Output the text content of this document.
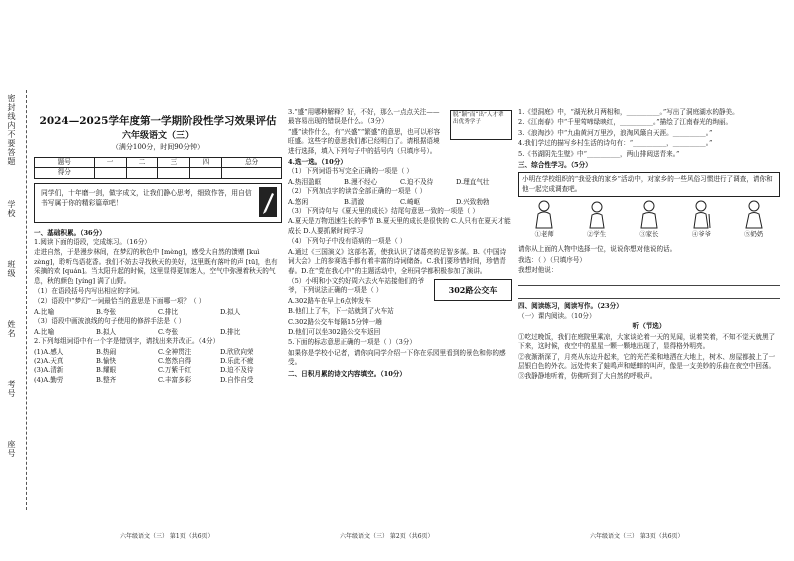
密封线内不要答题
学校
班级
姓名
考号
座号
2024—2025学年度第一学期阶段性学习效果评估
六年级语文（三）
（满分100分，时间90分钟）
题号	一	二	三	四	总分
得分					
同学们，十年磨一剑，做字成文，让我们静心思考，细致作答，用自信书写属于你的精彩篇章吧！
一、基础积累。（36分）

1.阅读下面的语段，完成练习。（16分）

走进自然，于是漫步林间，在梦幻的秋色中 [mèng]，感受大自然的馈赠 [kuì zèng]，聆听鸟语花香。我们不妨去寻找秋天的美好，这里既有落叶的声 [tū]，也有采摘的欢 [quán]。当太阳升起的时候，这里显得更加迷人，空气中弥漫着秋天的气息，秋的颜色 [yíng] 满了山野。

（1）在语段括号内写出相应的字词。

（2）语段中“梦幻”一词最恰当的意思是下面哪一项？（ ）

A.比喻	B.夸张	C.排比	D.拟人

（3）语段中画波浪线的句子使用的修辞手法是（ ）

A.比喻	B.拟人	C.夸张	D.排比

2.下列每组词语中有一个字是错别字，请找出来并改正。（4分）

(1)A.感人	B.热闹	C.全神贯注	D.欣欣向荣
(2)A.天真	B.愉快	C.悠然自得	D.乐此不疲
(3)A.清新	B.耀眼	C.万紫千红	D.迫不及待
(4)A.勤劳	B.整齐	C.丰富多彩	D.自作自受
脱“颖”而“出”人才辈出优秀学子

3.“盛”用哪种解释？好，不好，那么一点点关注——最容易出现的错误是什么。（3分）

“盛”读作什么，有“兴盛”“繁盛”的意思，也可以形容旺盛。这些字的意思我们都已经明白了。请根据语境进行选择，填入下列句子中的括号内（只填序号）。

4.选一选。（10分）

（1）下列词语书写完全正确的一项是（ ）

A.热泪盈眶	B.漫不经心	C.迫不及待	D.理直气壮

（2）下列加点字的读音全部正确的一项是（ ）

A.悠闲	B.清澈	C.崎岖	D.兴致勃勃

（3）下列诗句与《夏天里的成长》结尾句意思一致的一项是（ ）

A.夏天是万物迅速生长的季节 B.夏天里的成长是很快的 C.人只有在夏天才能成长 D.人要抓紧时间学习

（4）下列句子中没有语病的一项是（ ）

A.通过《三国演义》这部名著，使我认识了诸葛亮的足智多谋。B.《中国诗词大会》上的参赛选手都有着丰富的诗词储备。C.我们要珍惜时间，珍惜青春。D.在“党在我心中”的主题活动中，全班同学都积极参加了演讲。

302路公交车

（5）小明和小文约好周六去火车站接他们的爷爷，下列说法正确的一项是（ ）

A.302路车在早上6点钟发车

B.他们上了车，下一站就到了火车站

C.302路公交车每隔15分钟一趟

D.他们可以坐302路公交车返回

5.下面的标志意思正确的一项是（ ）（3分）

如果你是学校小记者，请你向同学介绍一下你在乐园里看到的景色和你的感受。

二、日积月累的诗文内容填空。（10分）

1.《望洞庭》中，“湖光秋月两相和，__________。”写出了洞庭湖水的静美。

2.《江南春》中“千里莺啼绿映红，__________。”描绘了江南春光的绚丽。

3.《浪淘沙》中“九曲黄河万里沙，浪淘风簸自天涯。__________。”

4.我们学过的描写乡村生活的诗句有：“__________，__________。”

5.《书湖阴先生壁》中“__________，两山排闼送青来。”

三、综合性学习。（5分）
小明在学校组织的“我爱我的家乡”活动中，对家乡的一些风俗习惯进行了调查，请你和他一起完成调查吧。
①老师	②学生	③家长	④爷爷	⑤奶奶

请你从上面的人物中选择一位，说说你想对他说的话。

我选：（ ）（只填序号）

我想对他说：

四、阅读练习，阅读写作。（23分）

（一）课内阅读。（10分）

听（节选）

①吃过晚饭，我们在庭院里乘凉，大家谈论着一天的见闻，说着笑着，不知不觉天就黑了下来，这时候，夜空中的星星一颗一颗地出现了，显得格外明亮。

②夜渐渐深了，月亮从东边升起来，它的光芒柔和地洒在大地上，树木、房屋都披上了一层银白色的外衣。远处传来了蛙鸣声和蟋蟀的叫声，像是一支美妙的乐曲在夜空中回荡。

③我静静地听着，仿佛听到了大自然的呼吸声。

六年级语文（三） 第1页（共6页）	六年级语文（三） 第2页（共6页）	六年级语文（三） 第3页（共6页）
